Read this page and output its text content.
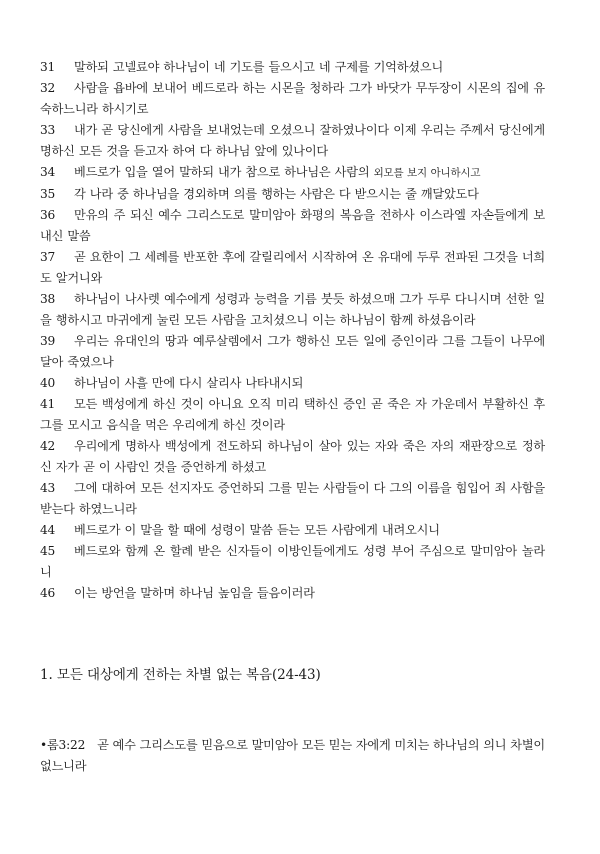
31 말하되 고넬료야 하나님이 네 기도를 들으시고 네 구제를 기억하셨으니
32 사람을 욥바에 보내어 베드로라 하는 시몬을 청하라 그가 바닷가 무두장이 시몬의 집에 유숙하느니라 하시기로
33 내가 곧 당신에게 사람을 보내었는데 오셨으니 잘하였나이다 이제 우리는 주께서 당신에게 명하신 모든 것을 듣고자 하여 다 하나님 앞에 있나이다
34 베드로가 입을 열어 말하되 내가 참으로 하나님은 사람의 외모를 보지 아니하시고
35 각 나라 중 하나님을 경외하며 의를 행하는 사람은 다 받으시는 줄 깨달았도다
36 만유의 주 되신 예수 그리스도로 말미암아 화평의 복음을 전하사 이스라엘 자손들에게 보내신 말씀
37 곧 요한이 그 세례를 반포한 후에 갈릴리에서 시작하여 온 유대에 두루 전파된 그것을 너희도 알거니와
38 하나님이 나사렛 예수에게 성령과 능력을 기름 붓듯 하셨으매 그가 두루 다니시며 선한 일을 행하시고 마귀에게 눌린 모든 사람을 고치셨으니 이는 하나님이 함께 하셨음이라
39 우리는 유대인의 땅과 예루살렘에서 그가 행하신 모든 일에 증인이라 그를 그들이 나무에 달아 죽였으나
40 하나님이 사흘 만에 다시 살리사 나타내시되
41 모든 백성에게 하신 것이 아니요 오직 미리 택하신 증인 곧 죽은 자 가운데서 부활하신 후 그를 모시고 음식을 먹은 우리에게 하신 것이라
42 우리에게 명하사 백성에게 전도하되 하나님이 살아 있는 자와 죽은 자의 재판장으로 정하신 자가 곧 이 사람인 것을 증언하게 하셨고
43 그에 대하여 모든 선지자도 증언하되 그를 믿는 사람들이 다 그의 이름을 힘입어 죄 사함을 받는다 하였느니라
44 베드로가 이 말을 할 때에 성령이 말씀 듣는 모든 사람에게 내려오시니
45 베드로와 함께 온 할례 받은 신자들이 이방인들에게도 성령 부어 주심으로 말미암아 놀라니
46 이는 방언을 말하며 하나님 높임을 들음이러라
1. 모든 대상에게 전하는 차별 없는 복음(24-43)
•롬3:22 곧 예수 그리스도를 믿음으로 말미암아 모든 믿는 자에게 미치는 하나님의 의니 차별이 없느니라
